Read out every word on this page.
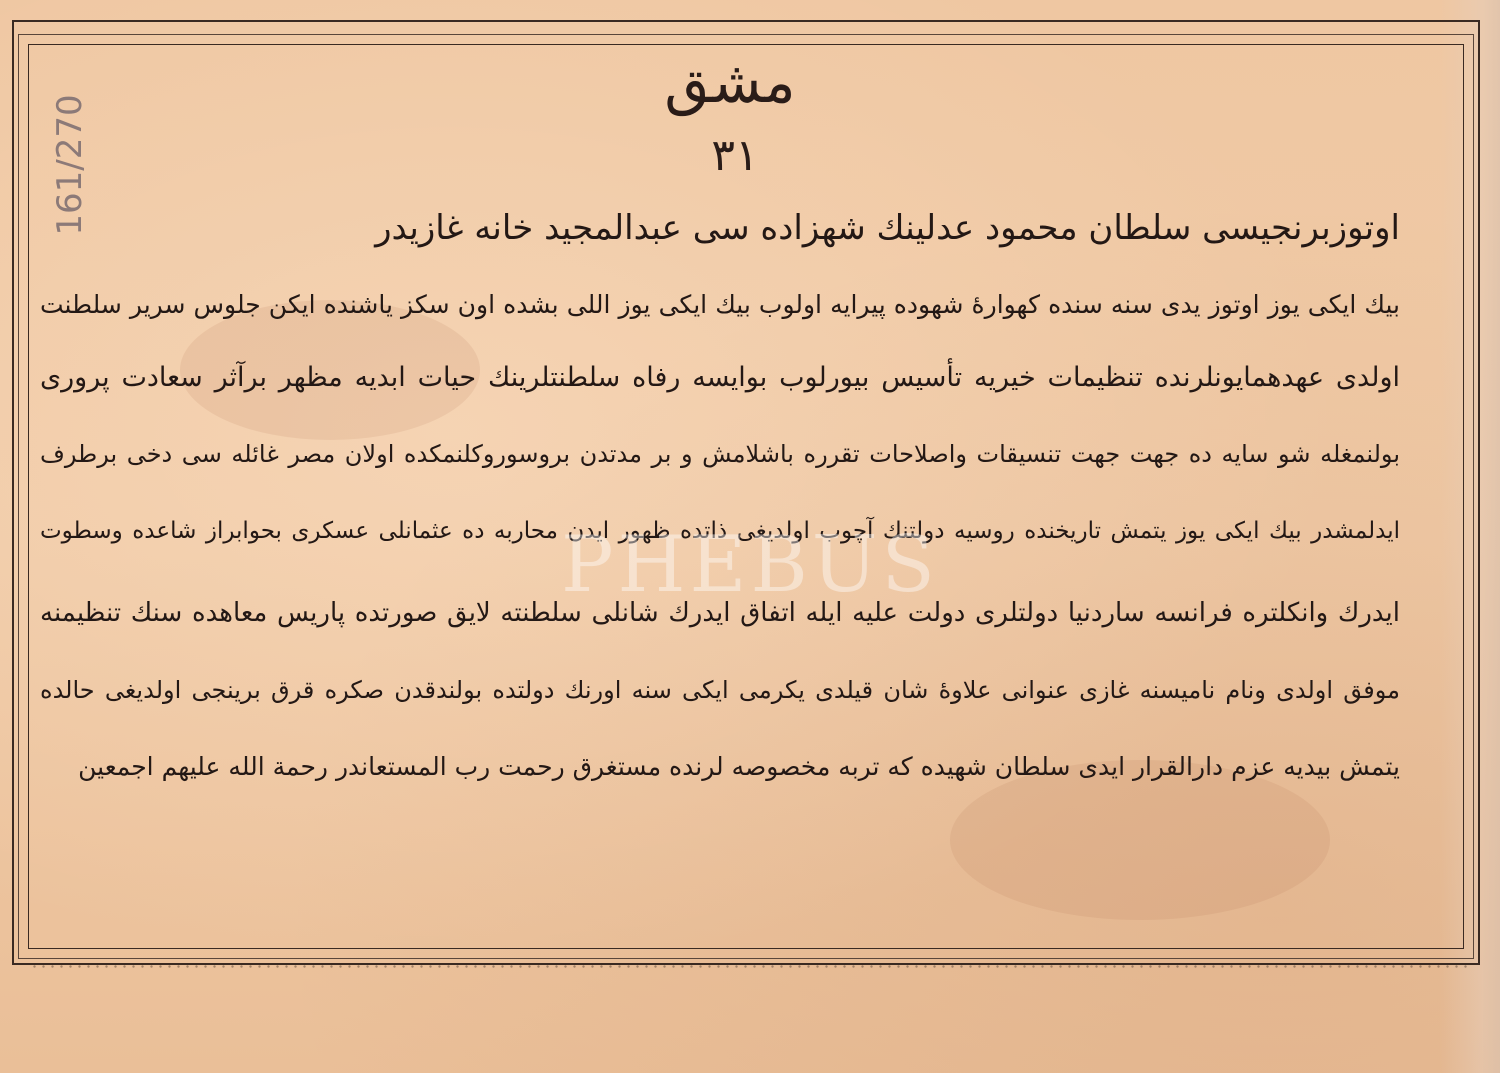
161/270
مشق
٣١
اوتوزبرنجیسی سلطان محمود عدلینك شهزاده سی عبدالمجید خانه غازیدر
بیك ایكی یوز اوتوز یدی سنه سنده كهوارهٔ شهوده پیرایه اولوب بیك ایكی یوز اللی بشده اون سكز یاشنده ایكن جلوس سریر سلطنت
اولدی عهدهمایونلرنده تنظیمات خیریه تأسیس بیورلوب بوایسه رفاه سلطنتلرینك حیات ابدیه مظهر برآثر سعادت پروری
بولنمغله شو سایه ده جهت جهت تنسیقات واصلاحات تقرره باشلامش و بر مدتدن بروسوروكلنمكده اولان مصر غائله سی دخی برطرف
ایدلمشدر بیك ایكی یوز یتمش تاریخنده روسیه دولتنك آچوب اولدیغی ذاتده ظهور ایدن محاربه ده عثمانلی عسكری بحوابراز شاعده وسطوت
ایدرك وانكلتره فرانسه ساردنیا دولتلری دولت علیه ایله اتفاق ایدرك شانلی سلطنته لایق صورتده پاریس معاهده سنك تنظیمنه
موفق اولدی ونام نامیسنه غازی عنوانی علاوهٔ شان قیلدی یكرمی ایكی سنه اورنك دولتده بولندقدن صكره قرق برینجی اولدیغی حالده
یتمش بیدیه عزم دارالقرار ایدی سلطان شهیده كه تربه مخصوصه لرنده مستغرق رحمت رب المستعاندر رحمة الله علیهم اجمعین
PHEBUS
